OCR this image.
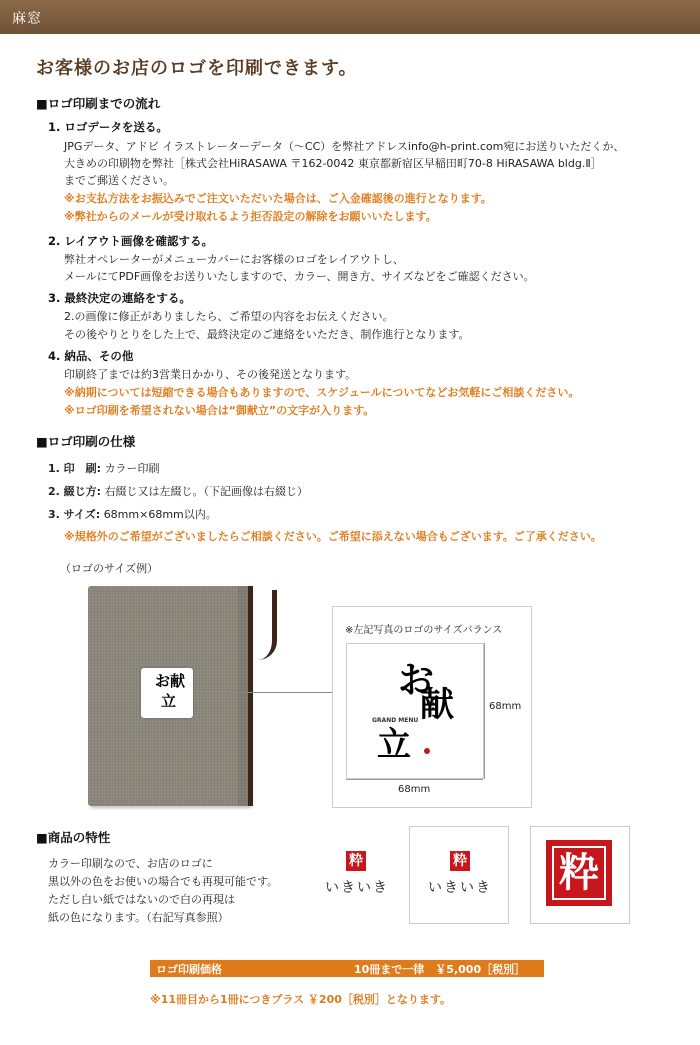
麻窓
お客様のお店のロゴを印刷できます。
■ロゴ印刷までの流れ
1. ロゴデータを送る。
JPGデータ、アドビ イラストレーターデータ（〜CC）を弊社アドレスinfo@h-print.com宛にお送りいただくか、
大きめの印刷物を弊社［株式会社HiRASAWA 〒162-0042 東京都新宿区早稲田町70-8 HiRASAWA bldg.Ⅱ］
までご郵送ください。
※お支払方法をお振込みでご注文いただいた場合は、ご入金確認後の進行となります。
※弊社からのメールが受け取れるよう拒否設定の解除をお願いいたします。
2. レイアウト画像を確認する。
弊社オペレーターがメニューカバーにお客様のロゴをレイアウトし、
メールにてPDF画像をお送りいたしますので、カラー、開き方、サイズなどをご確認ください。
3. 最終決定の連絡をする。
2.の画像に修正がありましたら、ご希望の内容をお伝えください。
その後やりとりをした上で、最終決定のご連絡をいただき、制作進行となります。
4. 納品、その他
印刷終了までは約3営業日かかり、その後発送となります。
※納期については短縮できる場合もありますので、スケジュールについてなどお気軽にご相談ください。
※ロゴ印刷を希望されない場合は“御献立”の文字が入ります。
■ロゴ印刷の仕様
1. 印　刷: カラー印刷
2. 綴じ方: 右綴じ又は左綴じ。（下記画像は右綴じ）
3. サイズ: 68mm×68mm以内。
※規格外のご希望がございましたらご相談ください。ご希望に添えない場合もございます。ご了承ください。
（ロゴのサイズ例）
お献
立
※左記写真のロゴのサイズバランス
お
献
立
GRAND MENU
68mm
68mm
■商品の特性
カラー印刷なので、お店のロゴに
黒以外の色をお使いの場合でも再現可能です。
ただし白い紙ではないので白の再現は
紙の色になります。（右記写真参照）
粋
いきいき
粋
いきいき 粋
ロゴ印刷価格	10冊まで一律　￥5,000［税別］
※11冊目から1冊につきプラス ￥200［税別］となります。
